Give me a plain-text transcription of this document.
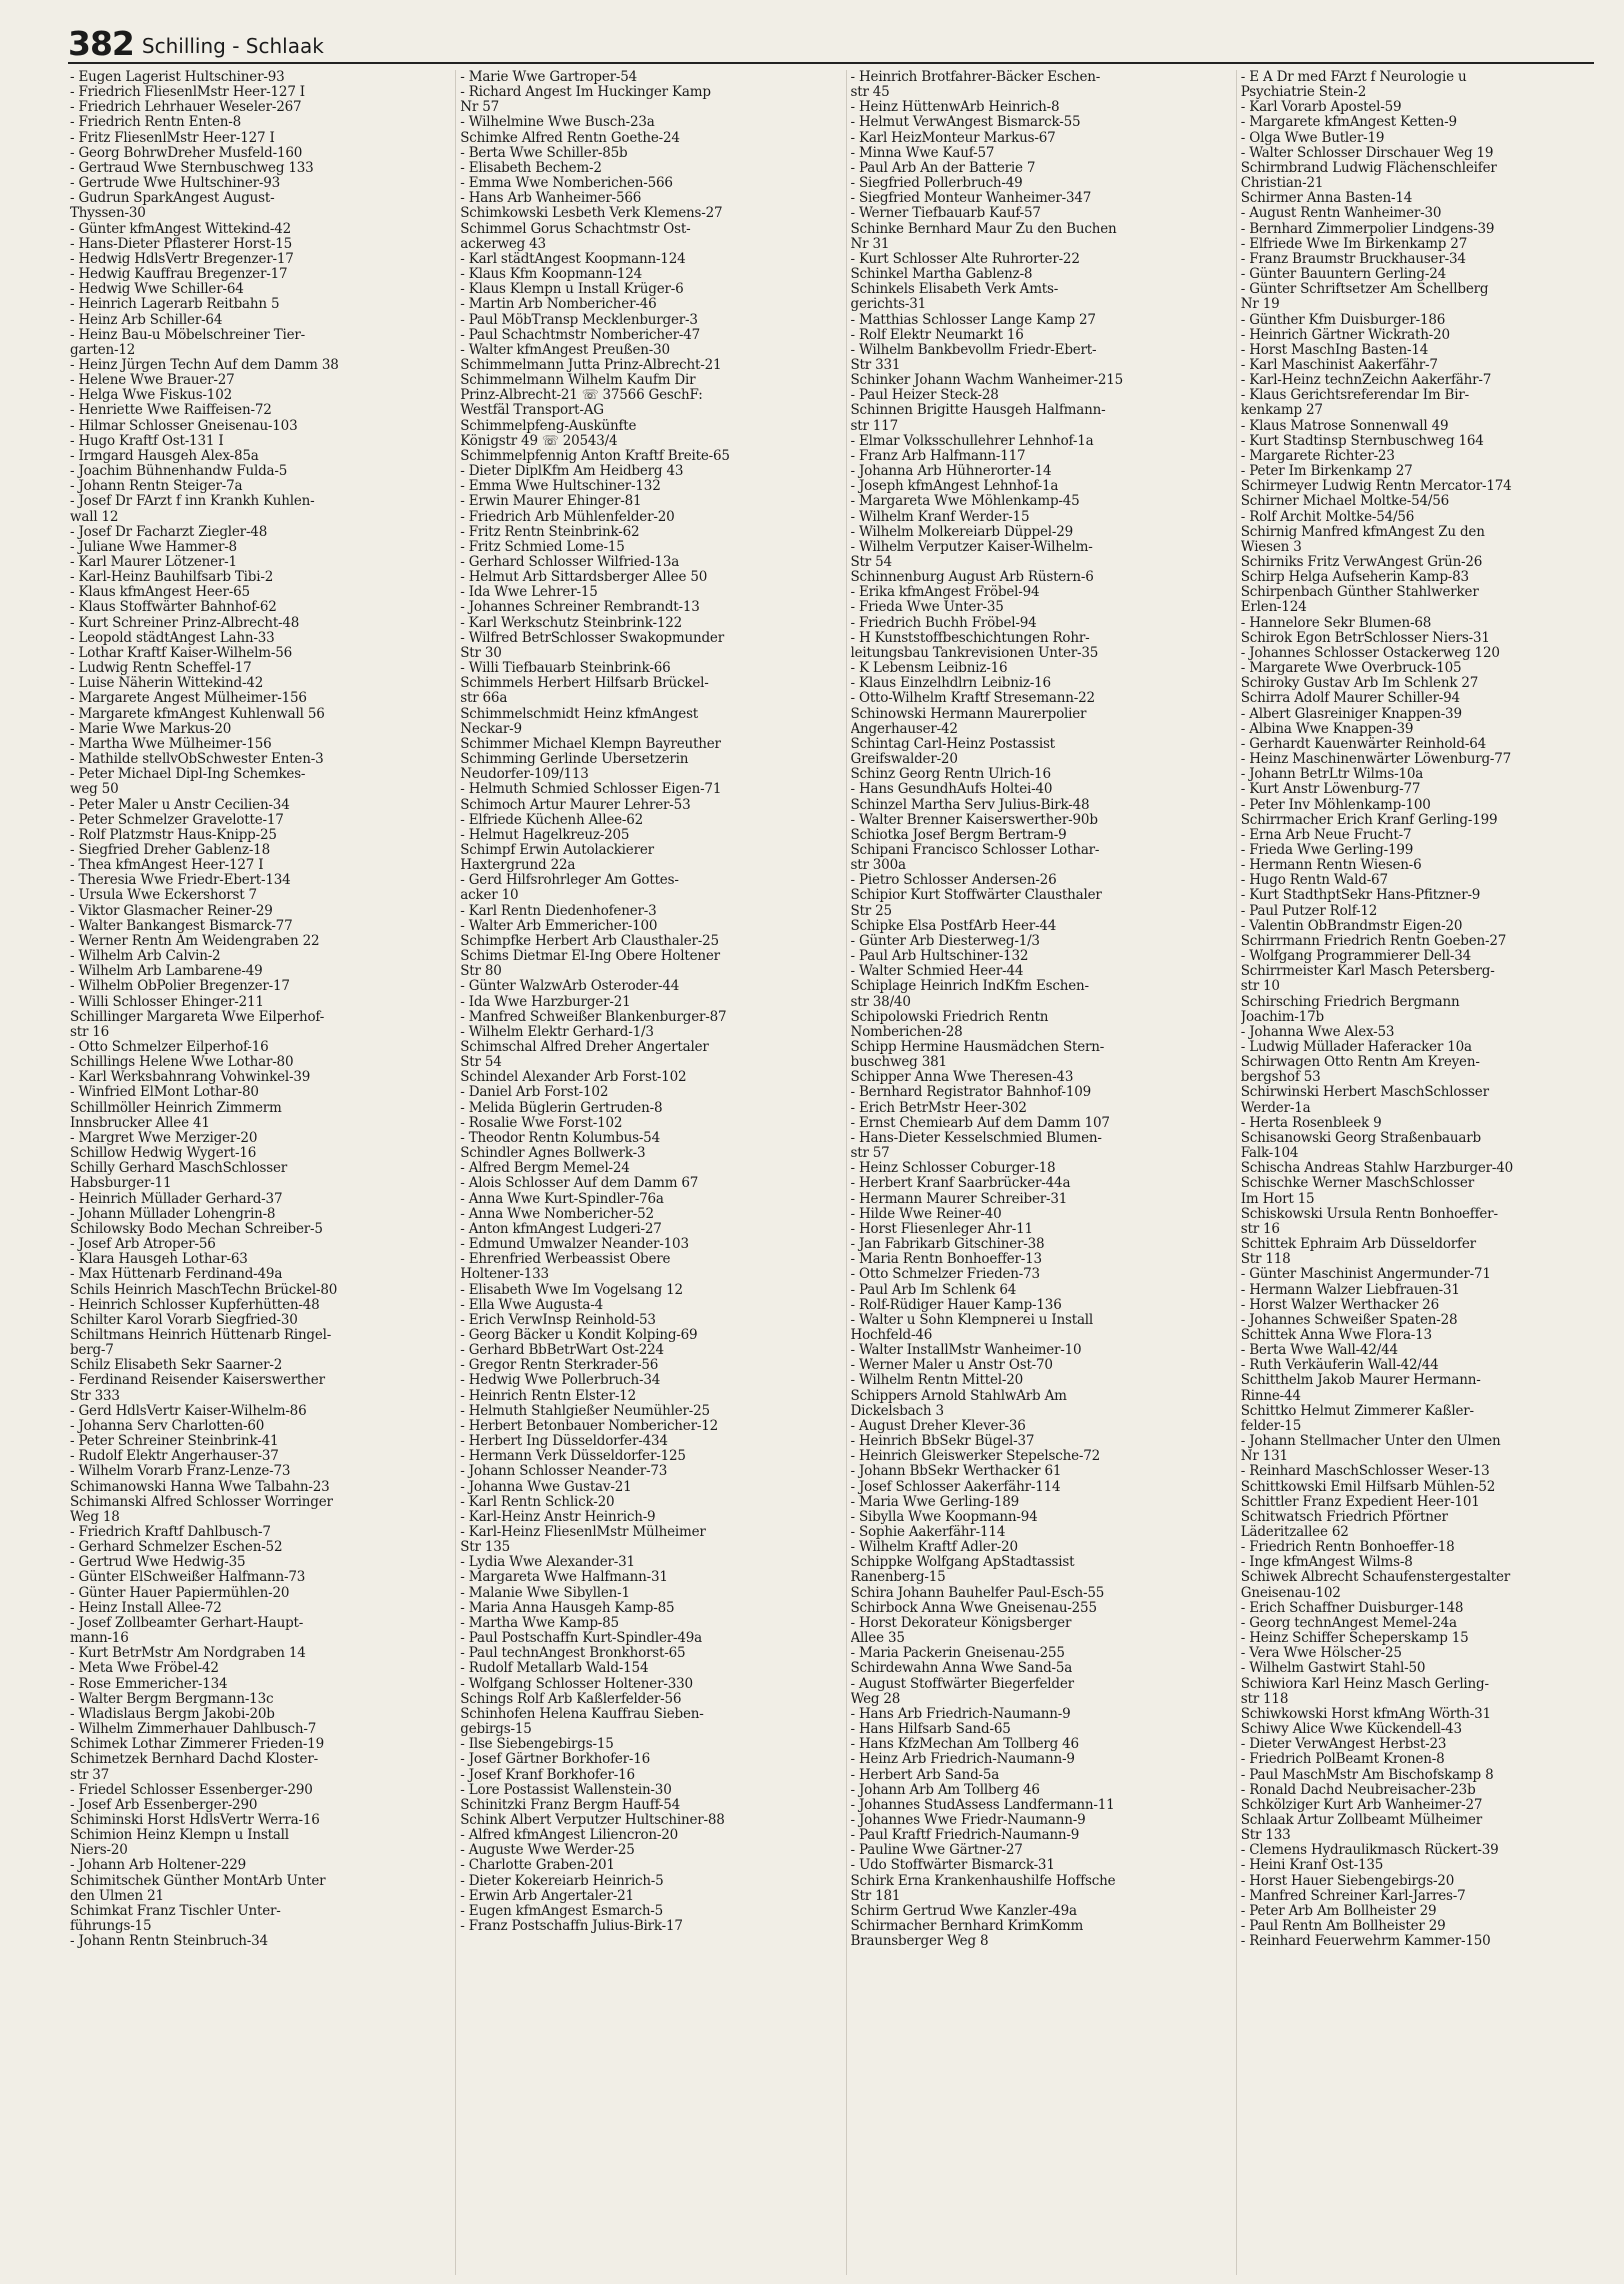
382 Schilling - Schlaak
- Eugen Lagerist Hultschiner-93
- Friedrich FliesenlMstr Heer-127 I
- Friedrich Lehrhauer Weseler-267
- Friedrich Rentn Enten-8
- Fritz FliesenlMstr Heer-127 I
- Georg BohrwDreher Musfeld-160
- Gertraud Wwe Sternbuschweg 133
- Gertrude Wwe Hultschiner-93
- Gudrun SparkAngest August-
Thyssen-30
- Günter kfmAngest Wittekind-42
- Hans-Dieter Pflasterer Horst-15
- Hedwig HdlsVertr Bregenzer-17
- Hedwig Kauffrau Bregenzer-17
- Hedwig Wwe Schiller-64
- Heinrich Lagerarb Reitbahn 5
- Heinz Arb Schiller-64
- Heinz Bau-u Möbelschreiner Tier-
garten-12
- Heinz Jürgen Techn Auf dem Damm 38
- Helene Wwe Brauer-27
- Helga Wwe Fiskus-102
- Henriette Wwe Raiffeisen-72
- Hilmar Schlosser Gneisenau-103
- Hugo Kraftf Ost-131 I
- Irmgard Hausgeh Alex-85a
- Joachim Bühnenhandw Fulda-5
- Johann Rentn Steiger-7a
- Josef Dr FArzt f inn Krankh Kuhlen-
wall 12
- Josef Dr Facharzt Ziegler-48
- Juliane Wwe Hammer-8
- Karl Maurer Lötzener-1
- Karl-Heinz Bauhilfsarb Tibi-2
- Klaus kfmAngest Heer-65
- Klaus Stoffwärter Bahnhof-62
- Kurt Schreiner Prinz-Albrecht-48
- Leopold städtAngest Lahn-33
- Lothar Kraftf Kaiser-Wilhelm-56
- Ludwig Rentn Scheffel-17
- Luise Näherin Wittekind-42
- Margarete Angest Mülheimer-156
- Margarete kfmAngest Kuhlenwall 56
- Marie Wwe Markus-20
- Martha Wwe Mülheimer-156
- Mathilde stellvObSchwester Enten-3
- Peter Michael Dipl-Ing Schemkes-
weg 50
- Peter Maler u Anstr Cecilien-34
- Peter Schmelzer Gravelotte-17
- Rolf Platzmstr Haus-Knipp-25
- Siegfried Dreher Gablenz-18
- Thea kfmAngest Heer-127 I
- Theresia Wwe Friedr-Ebert-134
- Ursula Wwe Eckershorst 7
- Viktor Glasmacher Reiner-29
- Walter Bankangest Bismarck-77
- Werner Rentn Am Weidengraben 22
- Wilhelm Arb Calvin-2
- Wilhelm Arb Lambarene-49
- Wilhelm ObPolier Bregenzer-17
- Willi Schlosser Ehinger-211
Schillinger Margareta Wwe Eilperhof-
str 16
- Otto Schmelzer Eilperhof-16
Schillings Helene Wwe Lothar-80
- Karl Werksbahnrang Vohwinkel-39
- Winfried ElMont Lothar-80
Schillmöller Heinrich Zimmerm
Innsbrucker Allee 41
- Margret Wwe Merziger-20
Schillow Hedwig Wygert-16
Schilly Gerhard MaschSchlosser
Habsburger-11
- Heinrich Müllader Gerhard-37
- Johann Müllader Lohengrin-8
Schilowsky Bodo Mechan Schreiber-5
- Josef Arb Atroper-56
- Klara Hausgeh Lothar-63
- Max Hüttenarb Ferdinand-49a
Schils Heinrich MaschTechn Brückel-80
- Heinrich Schlosser Kupferhütten-48
Schilter Karol Vorarb Siegfried-30
Schiltmans Heinrich Hüttenarb Ringel-
berg-7
Schilz Elisabeth Sekr Saarner-2
- Ferdinand Reisender Kaiserswerther
Str 333
- Gerd HdlsVertr Kaiser-Wilhelm-86
- Johanna Serv Charlotten-60
- Peter Schreiner Steinbrink-41
- Rudolf Elektr Angerhauser-37
- Wilhelm Vorarb Franz-Lenze-73
Schimanowski Hanna Wwe Talbahn-23
Schimanski Alfred Schlosser Worringer
Weg 18
- Friedrich Kraftf Dahlbusch-7
- Gerhard Schmelzer Eschen-52
- Gertrud Wwe Hedwig-35
- Günter ElSchweißer Halfmann-73
- Günter Hauer Papiermühlen-20
- Heinz Install Allee-72
- Josef Zollbeamter Gerhart-Haupt-
mann-16
- Kurt BetrMstr Am Nordgraben 14
- Meta Wwe Fröbel-42
- Rose Emmericher-134
- Walter Bergm Bergmann-13c
- Wladislaus Bergm Jakobi-20b
- Wilhelm Zimmerhauer Dahlbusch-7
Schimek Lothar Zimmerer Frieden-19
Schimetzek Bernhard Dachd Kloster-
str 37
- Friedel Schlosser Essenberger-290
- Josef Arb Essenberger-290
Schiminski Horst HdlsVertr Werra-16
Schimion Heinz Klempn u Install
Niers-20
- Johann Arb Holtener-229
Schimitschek Günther MontArb Unter
den Ulmen 21
Schimkat Franz Tischler Unter-
führungs-15
- Johann Rentn Steinbruch-34
- Marie Wwe Gartroper-54
- Richard Angest Im Huckinger Kamp
Nr 57
- Wilhelmine Wwe Busch-23a
Schimke Alfred Rentn Goethe-24
- Berta Wwe Schiller-85b
- Elisabeth Bechem-2
- Emma Wwe Nomberichen-566
- Hans Arb Wanheimer-566
Schimkowski Lesbeth Verk Klemens-27
Schimmel Gorus Schachtmstr Ost-
ackerweg 43
- Karl städtAngest Koopmann-124
- Klaus Kfm Koopmann-124
- Klaus Klempn u Install Krüger-6
- Martin Arb Nombericher-46
- Paul MöbTransp Mecklenburger-3
- Paul Schachtmstr Nombericher-47
- Walter kfmAngest Preußen-30
Schimmelmann Jutta Prinz-Albrecht-21
Schimmelmann Wilhelm Kaufm Dir
Prinz-Albrecht-21 ☏ 37566 GeschF:
Westfäl Transport-AG
Schimmelpfeng-Auskünfte
Königstr 49 ☏ 20543/4
Schimmelpfennig Anton Kraftf Breite-65
- Dieter DiplKfm Am Heidberg 43
- Emma Wwe Hultschiner-132
- Erwin Maurer Ehinger-81
- Friedrich Arb Mühlenfelder-20
- Fritz Rentn Steinbrink-62
- Fritz Schmied Lome-15
- Gerhard Schlosser Wilfried-13a
- Helmut Arb Sittardsberger Allee 50
- Ida Wwe Lehrer-15
- Johannes Schreiner Rembrandt-13
- Karl Werkschutz Steinbrink-122
- Wilfred BetrSchlosser Swakopmunder
Str 30
- Willi Tiefbauarb Steinbrink-66
Schimmels Herbert Hilfsarb Brückel-
str 66a
Schimmelschmidt Heinz kfmAngest
Neckar-9
Schimmer Michael Klempn Bayreuther
Schimming Gerlinde Übersetzerin
Neudorfer-109/113
- Helmuth Schmied Schlosser Eigen-71
Schimoch Artur Maurer Lehrer-53
- Elfriede Küchenh Allee-62
- Helmut Hagelkreuz-205
Schimpf Erwin Autolackierer
Haxtergrund 22a
- Gerd Hilfsrohrleger Am Gottes-
acker 10
- Karl Rentn Diedenhofener-3
- Walter Arb Emmericher-100
Schimpfke Herbert Arb Clausthaler-25
Schims Dietmar El-Ing Obere Holtener
Str 80
- Günter WalzwArb Osteroder-44
- Ida Wwe Harzburger-21
- Manfred Schweißer Blankenburger-87
- Wilhelm Elektr Gerhard-1/3
Schimschal Alfred Dreher Angertaler
Str 54
Schindel Alexander Arb Forst-102
- Daniel Arb Forst-102
- Melida Büglerin Gertruden-8
- Rosalie Wwe Forst-102
- Theodor Rentn Kolumbus-54
Schindler Agnes Bollwerk-3
- Alfred Bergm Memel-24
- Alois Schlosser Auf dem Damm 67
- Anna Wwe Kurt-Spindler-76a
- Anna Wwe Nombericher-52
- Anton kfmAngest Ludgeri-27
- Edmund Umwalzer Neander-103
- Ehrenfried Werbeassist Obere
Holtener-133
- Elisabeth Wwe Im Vogelsang 12
- Ella Wwe Augusta-4
- Erich VerwInsp Reinhold-53
- Georg Bäcker u Kondit Kolping-69
- Gerhard BbBetrWart Ost-224
- Gregor Rentn Sterkrader-56
- Hedwig Wwe Pollerbruch-34
- Heinrich Rentn Elster-12
- Helmuth Stahlgießer Neumühler-25
- Herbert Betonbauer Nombericher-12
- Herbert Ing Düsseldorfer-434
- Hermann Verk Düsseldorfer-125
- Johann Schlosser Neander-73
- Johanna Wwe Gustav-21
- Karl Rentn Schlick-20
- Karl-Heinz Anstr Heinrich-9
- Karl-Heinz FliesenlMstr Mülheimer
Str 135
- Lydia Wwe Alexander-31
- Margareta Wwe Halfmann-31
- Malanie Wwe Sibyllen-1
- Maria Anna Hausgeh Kamp-85
- Martha Wwe Kamp-85
- Paul Postschaffn Kurt-Spindler-49a
- Paul technAngest Bronkhorst-65
- Rudolf Metallarb Wald-154
- Wolfgang Schlosser Holtener-330
Schings Rolf Arb Kaßlerfelder-56
Schinhofen Helena Kauffrau Sieben-
gebirgs-15
- Ilse Siebengebirgs-15
- Josef Gärtner Borkhofer-16
- Josef Kranf Borkhofer-16
- Lore Postassist Wallenstein-30
Schinitzki Franz Bergm Hauff-54
Schink Albert Verputzer Hultschiner-88
- Alfred kfmAngest Liliencron-20
- Auguste Wwe Werder-25
- Charlotte Graben-201
- Dieter Kokereiarb Heinrich-5
- Erwin Arb Angertaler-21
- Eugen kfmAngest Esmarch-5
- Franz Postschaffn Julius-Birk-17
- Heinrich Brotfahrer-Bäcker Eschen-
str 45
- Heinz HüttenwArb Heinrich-8
- Helmut VerwAngest Bismarck-55
- Karl HeizMonteur Markus-67
- Minna Wwe Kauf-57
- Paul Arb An der Batterie 7
- Siegfried Pollerbruch-49
- Siegfried Monteur Wanheimer-347
- Werner Tiefbauarb Kauf-57
Schinke Bernhard Maur Zu den Buchen
Nr 31
- Kurt Schlosser Alte Ruhrorter-22
Schinkel Martha Gablenz-8
Schinkels Elisabeth Verk Amts-
gerichts-31
- Matthias Schlosser Lange Kamp 27
- Rolf Elektr Neumarkt 16
- Wilhelm Bankbevollm Friedr-Ebert-
Str 331
Schinker Johann Wachm Wanheimer-215
- Paul Heizer Steck-28
Schinnen Brigitte Hausgeh Halfmann-
str 117
- Elmar Volksschullehrer Lehnhof-1a
- Franz Arb Halfmann-117
- Johanna Arb Hühnerorter-14
- Joseph kfmAngest Lehnhof-1a
- Margareta Wwe Möhlenkamp-45
- Wilhelm Kranf Werder-15
- Wilhelm Molkereiarb Düppel-29
- Wilhelm Verputzer Kaiser-Wilhelm-
Str 54
Schinnenburg August Arb Rüstern-6
- Erika kfmAngest Fröbel-94
- Frieda Wwe Unter-35
- Friedrich Buchh Fröbel-94
- H Kunststoffbeschichtungen Rohr-
leitungsbau Tankrevisionen Unter-35
- K Lebensm Leibniz-16
- Klaus Einzelhdlrn Leibniz-16
- Otto-Wilhelm Kraftf Stresemann-22
Schinowski Hermann Maurerpolier
Angerhauser-42
Schintag Carl-Heinz Postassist
Greifswalder-20
Schinz Georg Rentn Ulrich-16
- Hans GesundhAufs Holtei-40
Schinzel Martha Serv Julius-Birk-48
- Walter Brenner Kaiserswerther-90b
Schiotka Josef Bergm Bertram-9
Schipani Francisco Schlosser Lothar-
str 300a
- Pietro Schlosser Andersen-26
Schipior Kurt Stoffwärter Clausthaler
Str 25
Schipke Elsa PostfArb Heer-44
- Günter Arb Diesterweg-1/3
- Paul Arb Hultschiner-132
- Walter Schmied Heer-44
Schiplage Heinrich IndKfm Eschen-
str 38/40
Schipolowski Friedrich Rentn
Nomberichen-28
Schipp Hermine Hausmädchen Stern-
buschweg 381
Schipper Anna Wwe Theresen-43
- Bernhard Registrator Bahnhof-109
- Erich BetrMstr Heer-302
- Ernst Chemiearb Auf dem Damm 107
- Hans-Dieter Kesselschmied Blumen-
str 57
- Heinz Schlosser Coburger-18
- Herbert Kranf Saarbrücker-44a
- Hermann Maurer Schreiber-31
- Hilde Wwe Reiner-40
- Horst Fliesenleger Ahr-11
- Jan Fabrikarb Gitschiner-38
- Maria Rentn Bonhoeffer-13
- Otto Schmelzer Frieden-73
- Paul Arb Im Schlenk 64
- Rolf-Rüdiger Hauer Kamp-136
- Walter u Sohn Klempnerei u Install
Hochfeld-46
- Walter InstallMstr Wanheimer-10
- Werner Maler u Anstr Ost-70
- Wilhelm Rentn Mittel-20
Schippers Arnold StahlwArb Am
Dickelsbach 3
- August Dreher Klever-36
- Heinrich BbSekr Bügel-37
- Heinrich Gleiswerker Stepelsche-72
- Johann BbSekr Werthacker 61
- Josef Schlosser Aakerfähr-114
- Maria Wwe Gerling-189
- Sibylla Wwe Koopmann-94
- Sophie Aakerfähr-114
- Wilhelm Kraftf Adler-20
Schippke Wolfgang ApStadtassist
Ranenberg-15
Schira Johann Bauhelfer Paul-Esch-55
Schirbock Anna Wwe Gneisenau-255
- Horst Dekorateur Königsberger
Allee 35
- Maria Packerin Gneisenau-255
Schirdewahn Anna Wwe Sand-5a
- August Stoffwärter Biegerfelder
Weg 28
- Hans Arb Friedrich-Naumann-9
- Hans Hilfsarb Sand-65
- Hans KfzMechan Am Tollberg 46
- Heinz Arb Friedrich-Naumann-9
- Herbert Arb Sand-5a
- Johann Arb Am Tollberg 46
- Johannes StudAssess Landfermann-11
- Johannes Wwe Friedr-Naumann-9
- Paul Kraftf Friedrich-Naumann-9
- Pauline Wwe Gärtner-27
- Udo Stoffwärter Bismarck-31
Schirk Erna Krankenhaushilfe Hoffsche
Str 181
Schirm Gertrud Wwe Kanzler-49a
Schirmacher Bernhard KrimKomm
Braunsberger Weg 8
- E A Dr med FArzt f Neurologie u
Psychiatrie Stein-2
- Karl Vorarb Apostel-59
- Margarete kfmAngest Ketten-9
- Olga Wwe Butler-19
- Walter Schlosser Dirschauer Weg 19
Schirmbrand Ludwig Flächenschleifer
Christian-21
Schirmer Anna Basten-14
- August Rentn Wanheimer-30
- Bernhard Zimmerpolier Lindgens-39
- Elfriede Wwe Im Birkenkamp 27
- Franz Braumstr Bruckhauser-34
- Günter Bauuntern Gerling-24
- Günter Schriftsetzer Am Schellberg
Nr 19
- Günther Kfm Duisburger-186
- Heinrich Gärtner Wickrath-20
- Horst MaschIng Basten-14
- Karl Maschinist Aakerfähr-7
- Karl-Heinz technZeichn Aakerfähr-7
- Klaus Gerichtsreferendar Im Bir-
kenkamp 27
- Klaus Matrose Sonnenwall 49
- Kurt Stadtinsp Sternbuschweg 164
- Margarete Richter-23
- Peter Im Birkenkamp 27
Schirmeyer Ludwig Rentn Mercator-174
Schirner Michael Moltke-54/56
- Rolf Archit Moltke-54/56
Schirnig Manfred kfmAngest Zu den
Wiesen 3
Schirniks Fritz VerwAngest Grün-26
Schirp Helga Aufseherin Kamp-83
Schirpenbach Günther Stahlwerker
Erlen-124
- Hannelore Sekr Blumen-68
Schirok Egon BetrSchlosser Niers-31
- Johannes Schlosser Ostackerweg 120
- Margarete Wwe Overbruck-105
Schiroky Gustav Arb Im Schlenk 27
Schirra Adolf Maurer Schiller-94
- Albert Glasreiniger Knappen-39
- Albina Wwe Knappen-39
- Gerhardt Kauenwärter Reinhold-64
- Heinz Maschinenwärter Löwenburg-77
- Johann BetrLtr Wilms-10a
- Kurt Anstr Löwenburg-77
- Peter Inv Möhlenkamp-100
Schirrmacher Erich Kranf Gerling-199
- Erna Arb Neue Frucht-7
- Frieda Wwe Gerling-199
- Hermann Rentn Wiesen-6
- Hugo Rentn Wald-67
- Kurt StadthptSekr Hans-Pfitzner-9
- Paul Putzer Rolf-12
- Valentin ObBrandmstr Eigen-20
Schirrmann Friedrich Rentn Goeben-27
- Wolfgang Programmierer Dell-34
Schirrmeister Karl Masch Petersberg-
str 10
Schirsching Friedrich Bergmann
Joachim-17b
- Johanna Wwe Alex-53
- Ludwig Müllader Haferacker 10a
Schirwagen Otto Rentn Am Kreyen-
bergshof 53
Schirwinski Herbert MaschSchlosser
Werder-1a
- Herta Rosenbleek 9
Schisanowski Georg Straßenbauarb
Falk-104
Schischa Andreas Stahlw Harzburger-40
Schischke Werner MaschSchlosser
Im Hort 15
Schiskowski Ursula Rentn Bonhoeffer-
str 16
Schittek Ephraim Arb Düsseldorfer
Str 118
- Günter Maschinist Angermunder-71
- Hermann Walzer Liebfrauen-31
- Horst Walzer Werthacker 26
- Johannes Schweißer Spaten-28
Schittek Anna Wwe Flora-13
- Berta Wwe Wall-42/44
- Ruth Verkäuferin Wall-42/44
Schitthelm Jakob Maurer Hermann-
Rinne-44
Schittko Helmut Zimmerer Kaßler-
felder-15
- Johann Stellmacher Unter den Ulmen
Nr 131
- Reinhard MaschSchlosser Weser-13
Schittkowski Emil Hilfsarb Mühlen-52
Schittler Franz Expedient Heer-101
Schitwatsch Friedrich Pförtner
Läderitzallee 62
- Friedrich Rentn Bonhoeffer-18
- Inge kfmAngest Wilms-8
Schiwek Albrecht Schaufenstergestalter
Gneisenau-102
- Erich Schaffner Duisburger-148
- Georg technAngest Memel-24a
- Heinz Schiffer Scheperskamp 15
- Vera Wwe Hölscher-25
- Wilhelm Gastwirt Stahl-50
Schiwiora Karl Heinz Masch Gerling-
str 118
Schiwkowski Horst kfmAng Wörth-31
Schiwy Alice Wwe Kückendell-43
- Dieter VerwAngest Herbst-23
- Friedrich PolBeamt Kronen-8
- Paul MaschMstr Am Bischofskamp 8
- Ronald Dachd Neubreisacher-23b
Schkölziger Kurt Arb Wanheimer-27
Schlaak Artur Zollbeamt Mülheimer
Str 133
- Clemens Hydraulikmasch Rückert-39
- Heini Kranf Ost-135
- Horst Hauer Siebengebirgs-20
- Manfred Schreiner Karl-Jarres-7
- Peter Arb Am Bollheister 29
- Paul Rentn Am Bollheister 29
- Reinhard Feuerwehrm Kammer-150
